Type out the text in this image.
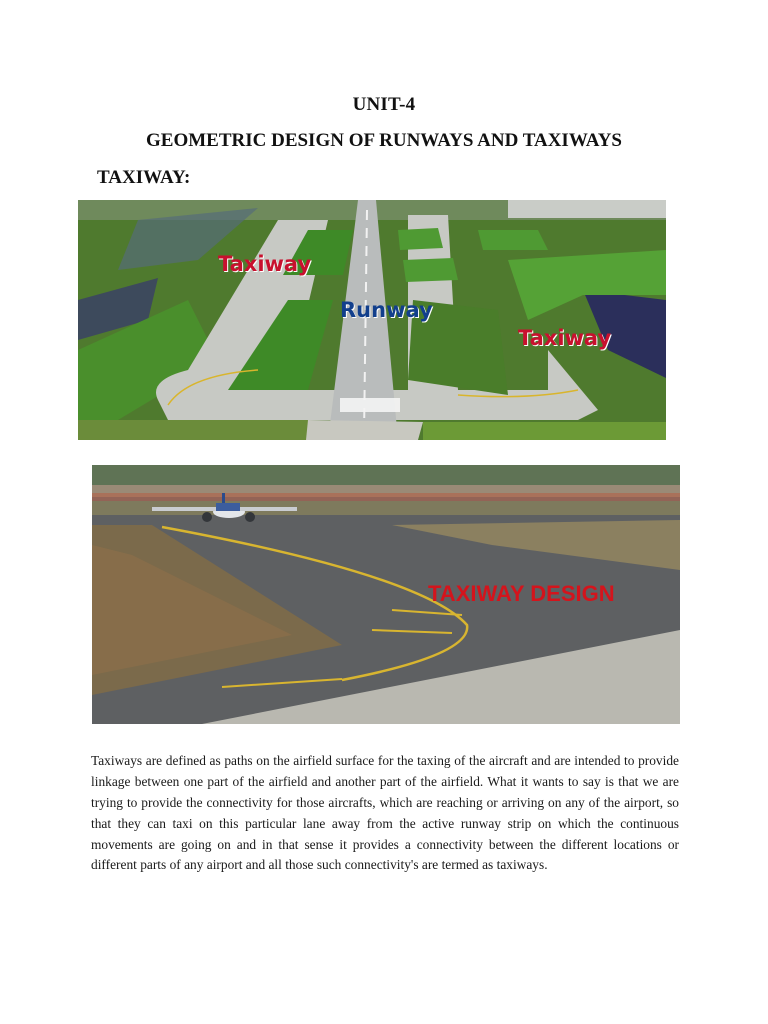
UNIT-4
GEOMETRIC DESIGN OF RUNWAYS AND TAXIWAYS
TAXIWAY:
Taxiway
Runway
Taxiway
TAXIWAY DESIGN

Taxiways are defined as paths on the airfield surface for the taxing of the aircraft and are intended to provide linkage between one part of the airfield and another part of the airfield. What it wants to say is that we are trying to provide the connectivity for those aircrafts, which are reaching or arriving on any of the airport, so that they can taxi on this particular lane away from the active runway strip on which the continuous movements are going on and in that sense it provides a connectivity between the different locations or different parts of any airport and all those such connectivity's are termed as taxiways.
